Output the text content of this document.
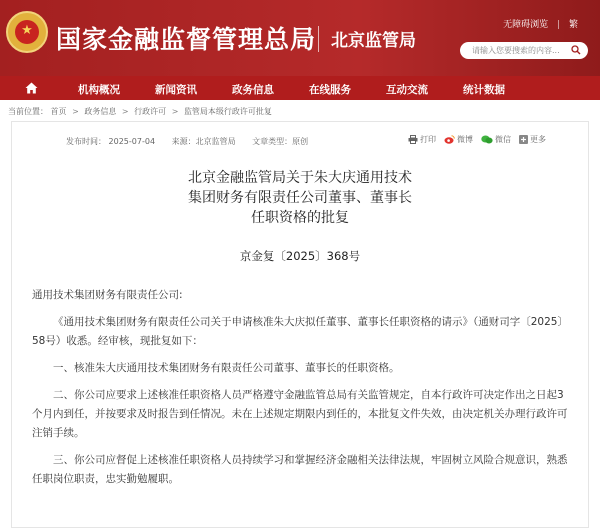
★ 国家金融监督管理总局 北京监管局
无障碍浏览 | 繁
请输入您要搜索的内容...
机构概况	新闻资讯	政务信息	在线服务	互动交流	统计数据
当前位置： 首页 > 政务信息 > 行政许可 > 监管局本级行政许可批复
发布时间： 2025-07-04 来源：北京监管局 文章类型：原创	打印	微博	微信 更多
北京金融监管局关于朱大庆通用技术
集团财务有限责任公司董事、董事长
任职资格的批复
京金复〔2025〕368号

通用技术集团财务有限责任公司:

《通用技术集团财务有限责任公司关于申请核准朱大庆拟任董事、董事长任职资格的请示》（通财司字〔2025〕58号）收悉。经审核，现批复如下：

一、核准朱大庆通用技术集团财务有限责任公司董事、董事长的任职资格。

二、你公司应要求上述核准任职资格人员严格遵守金融监管总局有关监管规定，自本行政许可决定作出之日起3个月内到任，并按要求及时报告到任情况。未在上述规定期限内到任的，本批复文件失效，由决定机关办理行政许可注销手续。

三、你公司应督促上述核准任职资格人员持续学习和掌握经济金融相关法律法规，牢固树立风险合规意识，熟悉任职岗位职责，忠实勤勉履职。
